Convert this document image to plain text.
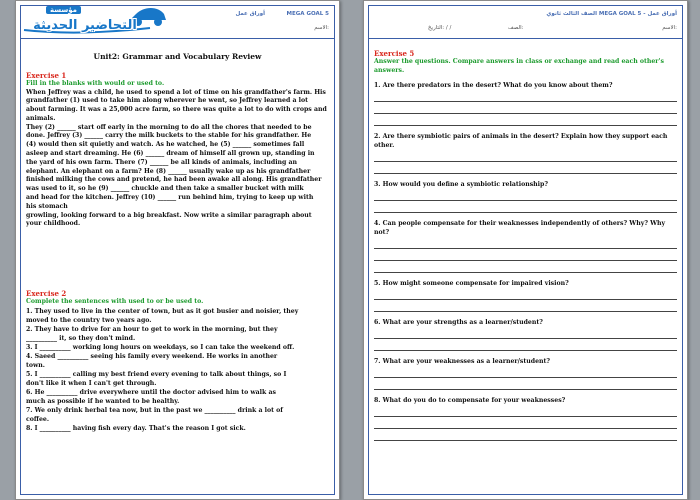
MEGA GOAL 5
أوراق عمل
الاسم:
مؤسسة
التحاضير الحديثة
Unit2: Grammar and Vocabulary Review
Exercise 1
Fill in the blanks with would or used to.
When Jeffrey was a child, he used to spend a lot of time on his grandfather's farm. His
grandfather (1) used to take him along wherever he went, so Jeffrey learned a lot
about farming. It was a 25,000 acre farm, so there was quite a lot to do with crops and
animals.
They (2) ______ start off early in the morning to do all the chores that needed to be
done. Jeffrey (3) ______ carry the milk buckets to the stable for his grandfather. He
(4) would then sit quietly and watch. As he watched, he (5) ______ sometimes fall
asleep and start dreaming. He (6) ______ dream of himself all grown up, standing in
the yard of his own farm. There (7) ______ be all kinds of animals, including an
elephant. An elephant on a farm? He (8) ______ usually wake up as his grandfather
finished milking the cows and pretend, he had been awake all along. His grandfather
was used to it, so he (9) ______ chuckle and then take a smaller bucket with milk
and head for the kitchen. Jeffrey (10) ______ run behind him, trying to keep up with
his stomach
growling, looking forward to a big breakfast. Now write a similar paragraph about
your childhood.
Exercise 2
Complete the sentences with used to or be used to.
1. They used to live in the center of town, but as it got busier and noisier, they
moved to the country two years ago.
2. They have to drive for an hour to get to work in the morning, but they
__________ it, so they don't mind.
3. I __________ working long hours on weekdays, so I can take the weekend off.
4. Saeed __________ seeing his family every weekend. He works in another
town.
5. I __________ calling my best friend every evening to talk about things, so I
don't like it when I can't get through.
6. He __________ drive everywhere until the doctor advised him to walk as
much as possible if he wanted to be healthy.
7. We only drink herbal tea now, but in the past we __________ drink a lot of
coffee.
8. I __________ having fish every day. That's the reason I got sick.
أوراق عمل - MEGA GOAL 5 الصف الثالث ثانوي
الاسم:
الصف:
التاريخ: / /
Exercise 5
Answer the questions. Compare answers in class or exchange and read each other's answers.
1. Are there predators in the desert? What do you know about them?
2. Are there symbiotic pairs of animals in the desert? Explain how they support each other.
3. How would you define a symbiotic relationship?
4. Can people compensate for their weaknesses independently of others? Why? Why not?
5. How might someone compensate for impaired vision?
6. What are your strengths as a learner/student?
7. What are your weaknesses as a learner/student?
8. What do you do to compensate for your weaknesses?
